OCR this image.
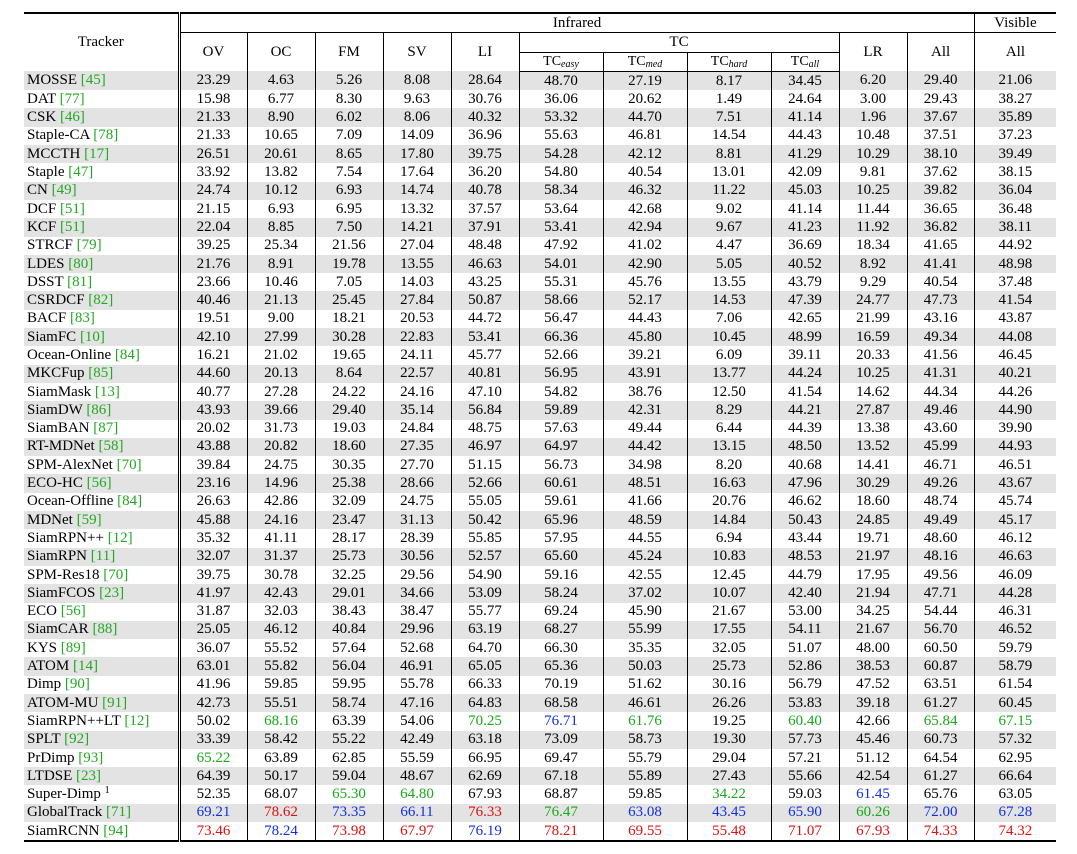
Tracker	Infrared											Visible
	OV	OC	FM	SV	LI	TC				LR	All	All
						$TC_{easy}$	$TC_{med}$	$TC_{hard}$	$TC_{all}$
MOSSE [45]	23.29	4.63	5.26	8.08	28.64	48.70	27.19	8.17	34.45	6.20	29.40	21.06
DAT [77]	15.98	6.77	8.30	9.63	30.76	36.06	20.62	1.49	24.64	3.00	29.43	38.27
CSK [46]	21.33	8.90	6.02	8.06	40.32	53.32	44.70	7.51	41.14	1.96	37.67	35.89
Staple-CA [78]	21.33	10.65	7.09	14.09	36.96	55.63	46.81	14.54	44.43	10.48	37.51	37.23
MCCTH [17]	26.51	20.61	8.65	17.80	39.75	54.28	42.12	8.81	41.29	10.29	38.10	39.49
Staple [47]	33.92	13.82	7.54	17.64	36.20	54.80	40.54	13.01	42.09	9.81	37.62	38.15
CN [49]	24.74	10.12	6.93	14.74	40.78	58.34	46.32	11.22	45.03	10.25	39.82	36.04
DCF [51]	21.15	6.93	6.95	13.32	37.57	53.64	42.68	9.02	41.14	11.44	36.65	36.48
KCF [51]	22.04	8.85	7.50	14.21	37.91	53.41	42.94	9.67	41.23	11.92	36.82	38.11
STRCF [79]	39.25	25.34	21.56	27.04	48.48	47.92	41.02	4.47	36.69	18.34	41.65	44.92
LDES [80]	21.76	8.91	19.78	13.55	46.63	54.01	42.90	5.05	40.52	8.92	41.41	48.98
DSST [81]	23.66	10.46	7.05	14.03	43.25	55.31	45.76	13.55	43.79	9.29	40.54	37.48
CSRDCF [82]	40.46	21.13	25.45	27.84	50.87	58.66	52.17	14.53	47.39	24.77	47.73	41.54
BACF [83]	19.51	9.00	18.21	20.53	44.72	56.47	44.43	7.06	42.65	21.99	43.16	43.87
SiamFC [10]	42.10	27.99	30.28	22.83	53.41	66.36	45.80	10.45	48.99	16.59	49.34	44.08
Ocean-Online [84]	16.21	21.02	19.65	24.11	45.77	52.66	39.21	6.09	39.11	20.33	41.56	46.45
MKCFup [85]	44.60	20.13	8.64	22.57	40.81	56.95	43.91	13.77	44.24	10.25	41.31	40.21
SiamMask [13]	40.77	27.28	24.22	24.16	47.10	54.82	38.76	12.50	41.54	14.62	44.34	44.26
SiamDW [86]	43.93	39.66	29.40	35.14	56.84	59.89	42.31	8.29	44.21	27.87	49.46	44.90
SiamBAN [87]	20.02	31.73	19.03	24.84	48.75	57.63	49.44	6.44	44.39	13.38	43.60	39.90
RT-MDNet [58]	43.88	20.82	18.60	27.35	46.97	64.97	44.42	13.15	48.50	13.52	45.99	44.93
SPM-AlexNet [70]	39.84	24.75	30.35	27.70	51.15	56.73	34.98	8.20	40.68	14.41	46.71	46.51
ECO-HC [56]	23.16	14.96	25.38	28.66	52.66	60.61	48.51	16.63	47.96	30.29	49.26	43.67
Ocean-Offline [84]	26.63	42.86	32.09	24.75	55.05	59.61	41.66	20.76	46.62	18.60	48.74	45.74
MDNet [59]	45.88	24.16	23.47	31.13	50.42	65.96	48.59	14.84	50.43	24.85	49.49	45.17
SiamRPN++ [12]	35.32	41.11	28.17	28.39	55.85	57.95	44.55	6.94	43.44	19.71	48.60	46.12
SiamRPN [11]	32.07	31.37	25.73	30.56	52.57	65.60	45.24	10.83	48.53	21.97	48.16	46.63
SPM-Res18 [70]	39.75	30.78	32.25	29.56	54.90	59.16	42.55	12.45	44.79	17.95	49.56	46.09
SiamFCOS [23]	41.97	42.43	29.01	34.66	53.09	58.24	37.02	10.07	42.40	21.94	47.71	44.28
ECO [56]	31.87	32.03	38.43	38.47	55.77	69.24	45.90	21.67	53.00	34.25	54.44	46.31
SiamCAR [88]	25.05	46.12	40.84	29.96	63.19	68.27	55.99	17.55	54.11	21.67	56.70	46.52
KYS [89]	36.07	55.52	57.64	52.68	64.70	66.30	35.35	32.05	51.07	48.00	60.50	59.79
ATOM [14]	63.01	55.82	56.04	46.91	65.05	65.36	50.03	25.73	52.86	38.53	60.87	58.79
Dimp [90]	41.96	59.85	59.95	55.78	66.33	70.19	51.62	30.16	56.79	47.52	63.51	61.54
ATOM-MU [91]	42.73	55.51	58.74	47.16	64.83	68.58	46.61	26.26	53.83	39.18	61.27	60.45
SiamRPN++LT [12]	50.02	68.16	63.39	54.06	70.25	76.71	61.76	19.25	60.40	42.66	65.84	67.15
SPLT [92]	33.39	58.42	55.22	42.49	63.18	73.09	58.73	19.30	57.73	45.46	60.73	57.32
PrDimp [93]	65.22	63.89	62.85	55.59	66.95	69.47	55.79	29.04	57.21	51.12	64.54	62.95
LTDSE [23]	64.39	50.17	59.04	48.67	62.69	67.18	55.89	27.43	55.66	42.54	61.27	66.64
Super-Dimp $^1$	52.35	68.07	65.30	64.80	67.93	68.87	59.85	34.22	59.03	61.45	65.76	63.05
GlobalTrack [71]	69.21	78.62	73.35	66.11	76.33	76.47	63.08	43.45	65.90	60.26	72.00	67.28
SiamRCNN [94]	73.46	78.24	73.98	67.97	76.19	78.21	69.55	55.48	71.07	67.93	74.33	74.32
